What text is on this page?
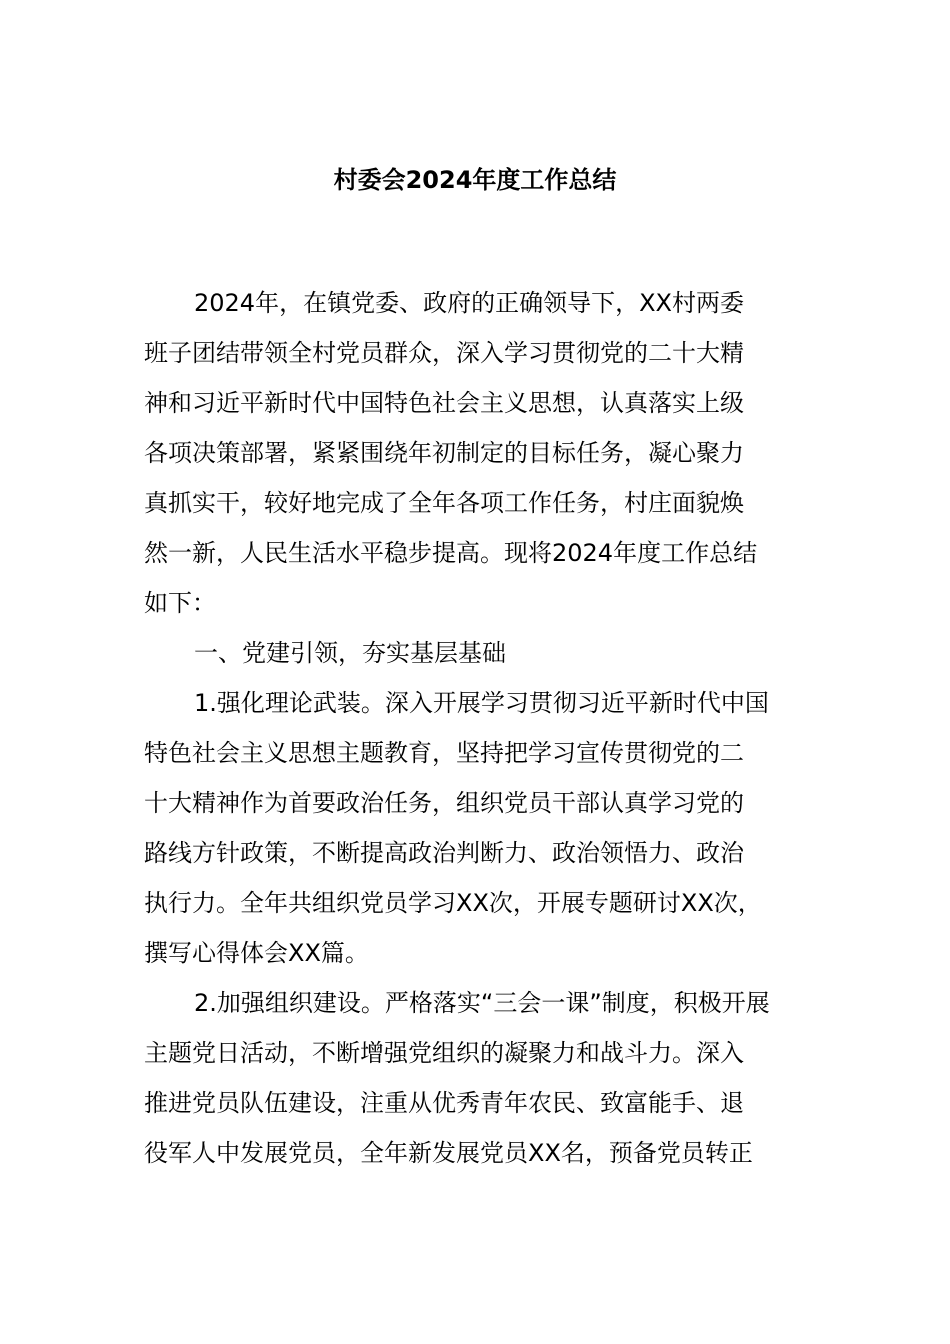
村委会2024年度工作总结

2024年，在镇党委、政府的正确领导下，XX村两委

班子团结带领全村党员群众，深入学习贯彻党的二十大精

神和习近平新时代中国特色社会主义思想，认真落实上级

各项决策部署，紧紧围绕年初制定的目标任务，凝心聚力

真抓实干，较好地完成了全年各项工作任务，村庄面貌焕

然一新，人民生活水平稳步提高。现将2024年度工作总结

如下：

一、党建引领，夯实基层基础

1.强化理论武装。深入开展学习贯彻习近平新时代中国

特色社会主义思想主题教育，坚持把学习宣传贯彻党的二

十大精神作为首要政治任务，组织党员干部认真学习党的

路线方针政策，不断提高政治判断力、政治领悟力、政治

执行力。全年共组织党员学习XX次，开展专题研讨XX次，

撰写心得体会XX篇。

2.加强组织建设。严格落实“三会一课”制度，积极开展

主题党日活动，不断增强党组织的凝聚力和战斗力。深入

推进党员队伍建设，注重从优秀青年农民、致富能手、退

役军人中发展党员，全年新发展党员XX名，预备党员转正
